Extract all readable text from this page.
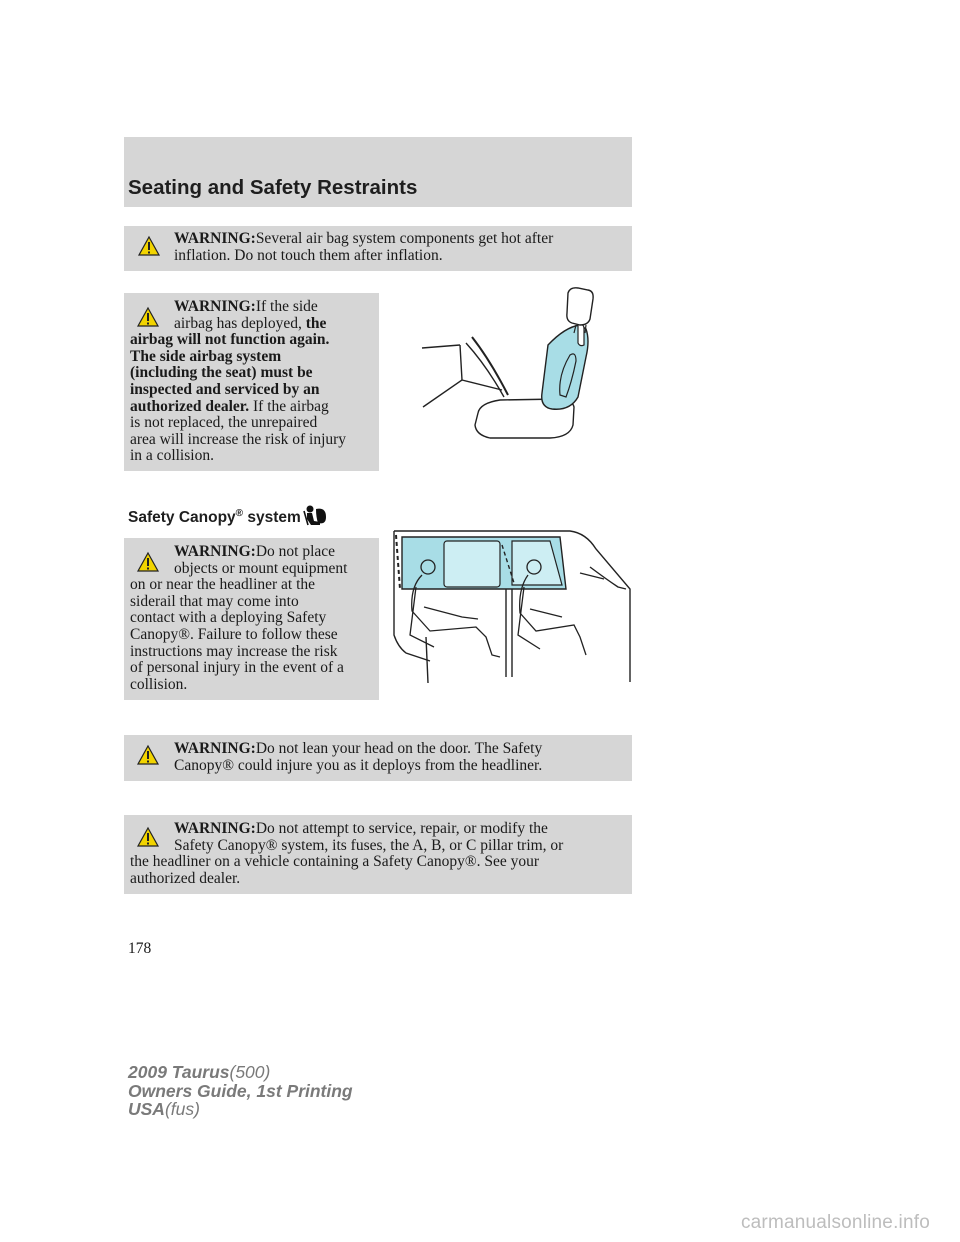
Seating and Safety Restraints

WARNING:Several air bag system components get hot after

inflation. Do not touch them after inflation.

WARNING:If the side

airbag has deployed, the

airbag will not function again.

The side airbag system

(including the seat) must be

inspected and serviced by an

authorized dealer. If the airbag

is not replaced, the unrepaired

area will increase the risk of injury

in a collision.

Safety Canopy® system

WARNING:Do not place

objects or mount equipment

on or near the headliner at the

siderail that may come into

contact with a deploying Safety

Canopy®. Failure to follow these

instructions may increase the risk

of personal injury in the event of a

collision.

WARNING:Do not lean your head on the door. The Safety

Canopy® could injure you as it deploys from the headliner.

WARNING:Do not attempt to service, repair, or modify the

Safety Canopy® system, its fuses, the A, B, or C pillar trim, or

the headliner on a vehicle containing a Safety Canopy®. See your

authorized dealer.

178
2009 Taurus(500)
Owners Guide, 1st Printing
USA(fus)
carmanualsonline.info
